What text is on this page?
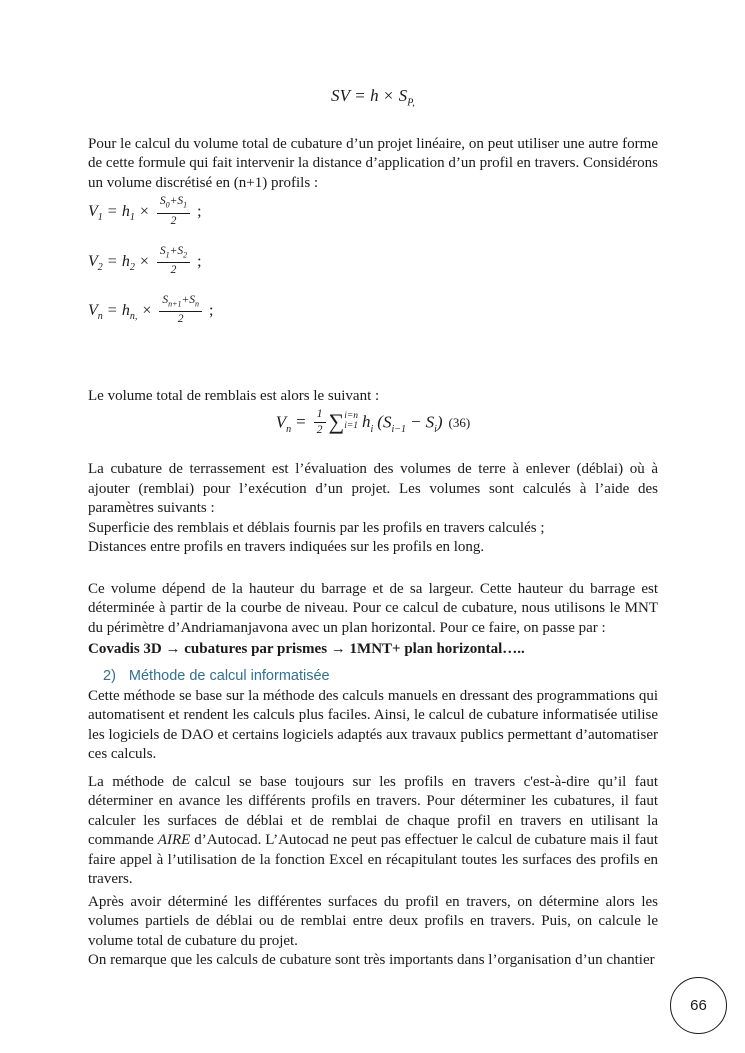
SV = $h \times S_{P,}$

Pour le calcul du volume total de cubature d’un projet linéaire, on peut utiliser une autre forme de cette formule qui fait intervenir la distance d’application d’un profil en travers. Considérons un volume discrétisé en (n+1) profils :

$V_1 = h_1 \times \frac{S_0+S_1}{2}$ ;
$V_2 = h_2 \times \frac{S_1+S_2}{2}$ ;
$V_n = h_{n,} \times \frac{S_{n+1}+S_n}{2}$ ;

Le volume total de remblais est alors le suivant :

$V_n = \frac{1}{2}$ ∑ i=n
i=1 $h_i$ $(S_{i-1} - S_i)$ (36)

La cubature de terrassement est l’évaluation des volumes de terre à enlever (déblai) où à ajouter (remblai) pour l’exécution d’un projet. Les volumes sont calculés à l’aide des paramètres suivants :

Superficie des remblais et déblais fournis par les profils en travers calculés ;

Distances entre profils en travers indiquées sur les profils en long.

Ce volume dépend de la hauteur du barrage et de sa largeur. Cette hauteur du barrage est déterminée à partir de la courbe de niveau. Pour ce calcul de cubature, nous utilisons le MNT du périmètre d’Andriamanjavona avec un plan horizontal. Pour ce faire, on passe par :

Covadis 3D → cubatures par prismes → 1MNT+ plan horizontal…..

2) Méthode de calcul informatisée

Cette méthode se base sur la méthode des calculs manuels en dressant des programmations qui automatisent et rendent les calculs plus faciles. Ainsi, le calcul de cubature informatisée utilise les logiciels de DAO et certains logiciels adaptés aux travaux publics permettant d’automatiser ces calculs.

La méthode de calcul se base toujours sur les profils en travers c'est-à-dire qu’il faut déterminer en avance les différents profils en travers. Pour déterminer les cubatures, il faut calculer les surfaces de déblai et de remblai de chaque profil en travers en utilisant la commande AIRE d’Autocad. L’Autocad ne peut pas effectuer le calcul de cubature mais il faut faire appel à l’utilisation de la fonction Excel en récapitulant toutes les surfaces des profils en travers.

Après avoir déterminé les différentes surfaces du profil en travers, on détermine alors les volumes partiels de déblai ou de remblai entre deux profils en travers. Puis, on calcule le volume total de cubature du projet.

On remarque que les calculs de cubature sont très importants dans l’organisation d’un chantier

66
